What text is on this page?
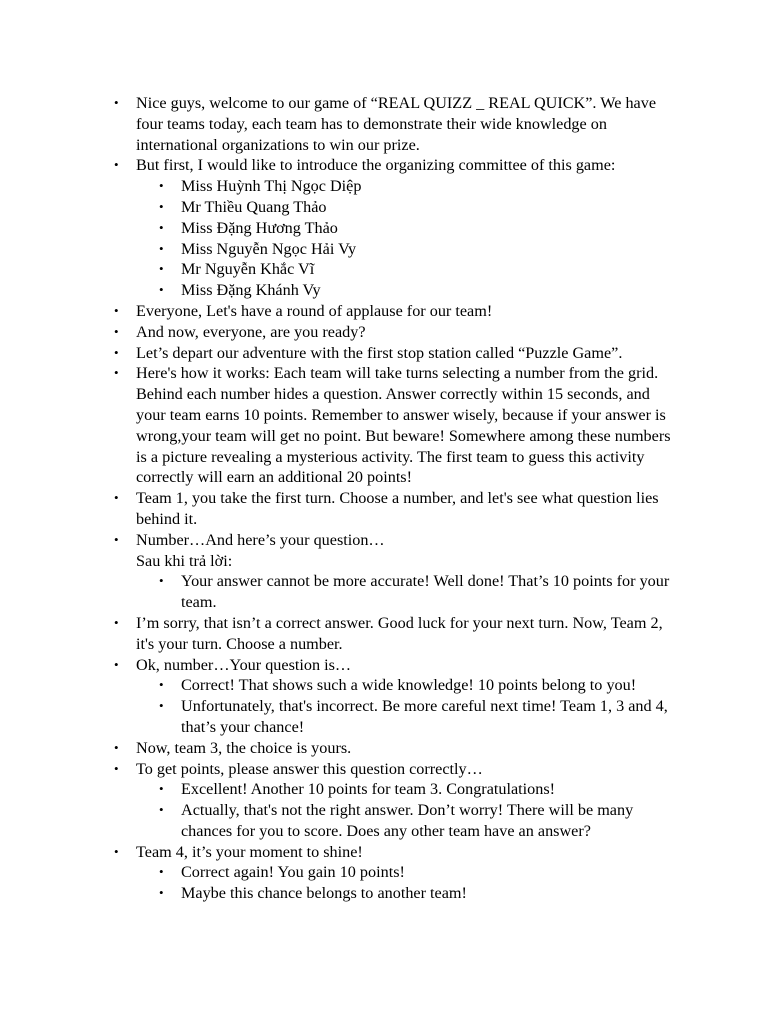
• Nice guys, welcome to our game of “REAL QUIZZ _ REAL QUICK”. We have four teams today, each team has to demonstrate their wide knowledge on international organizations to win our prize.
• But first, I would like to introduce the organizing committee of this game:
• Miss Huỳnh Thị Ngọc Diệp
• Mr Thiều Quang Thảo
• Miss Đặng Hương Thảo
• Miss Nguyễn Ngọc Hải Vy
• Mr Nguyễn Khắc Vĩ
• Miss Đặng Khánh Vy
• Everyone, Let's have a round of applause for our team!
• And now, everyone, are you ready?
• Let’s depart our adventure with the first stop station called “Puzzle Game”.
• Here's how it works: Each team will take turns selecting a number from the grid. Behind each number hides a question. Answer correctly within 15 seconds, and your team earns 10 points. Remember to answer wisely, because if your answer is wrong,your team will get no point. But beware! Somewhere among these numbers is a picture revealing a mysterious activity. The first team to guess this activity correctly will earn an additional 20 points!
• Team 1, you take the first turn. Choose a number, and let's see what question lies behind it.
• Number…And here’s your question…
Sau khi trả lời:
• Your answer cannot be more accurate! Well done! That’s 10 points for your team.
• I’m sorry, that isn’t a correct answer. Good luck for your next turn. Now, Team 2, it's your turn. Choose a number.
• Ok, number…Your question is…
• Correct! That shows such a wide knowledge! 10 points belong to you!
• Unfortunately, that's incorrect. Be more careful next time! Team 1, 3 and 4, that’s your chance!
• Now, team 3, the choice is yours.
• To get points, please answer this question correctly…
• Excellent! Another 10 points for team 3. Congratulations!
• Actually, that's not the right answer. Don’t worry! There will be many chances for you to score. Does any other team have an answer?
• Team 4, it’s your moment to shine!
• Correct again! You gain 10 points!
• Maybe this chance belongs to another team!
